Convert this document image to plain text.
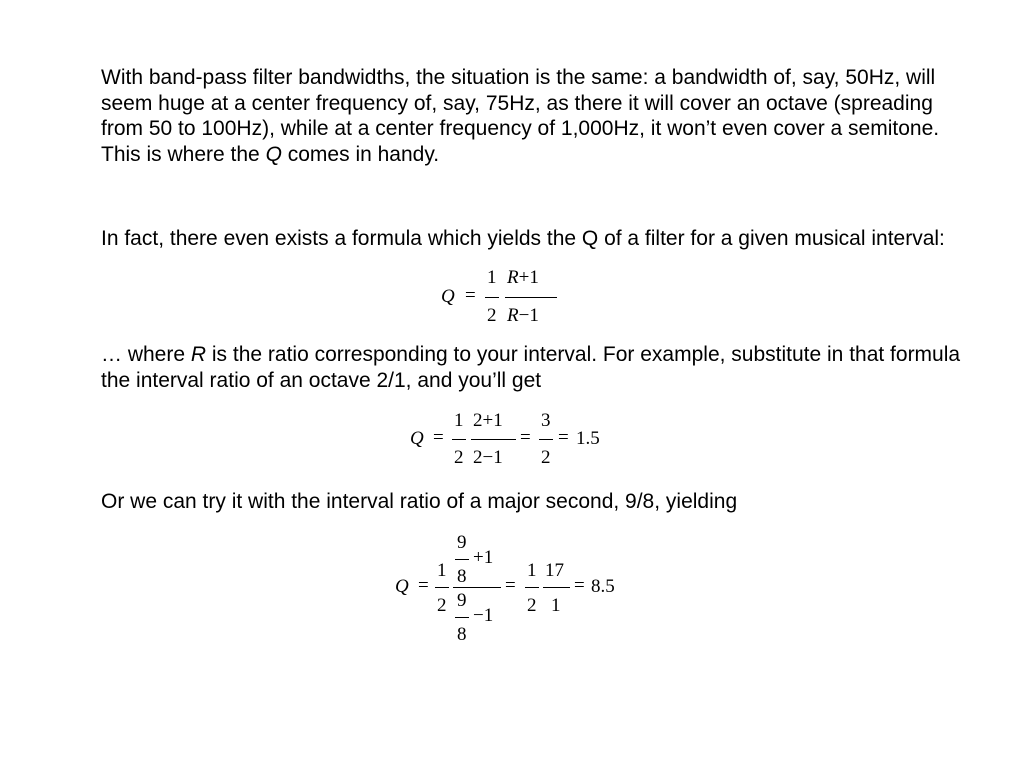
With band-pass filter bandwidths, the situation is the same: a bandwidth of, say, 50Hz, will seem huge at a center frequency of, say, 75Hz, as there it will cover an octave (spreading from 50 to 100Hz), while at a center frequency of 1,000Hz, it won’t even cover a semitone. This is where the Q comes in handy.

In fact, there even exists a formula which yields the Q of a filter for a given musical interval:

Q =
1
2
R+1
R−1

… where R is the ratio corresponding to your interval. For example, substitute in that formula the interval ratio of an octave 2/1, and you’ll get

Q =
1
2
2+1
2−1
=
3
2
= 1.5

Or we can try it with the interval ratio of a major second, 9/8, yielding

Q =
1
2
9
8
+1
9
8
−1
=
1
2
17
1
= 8.5
